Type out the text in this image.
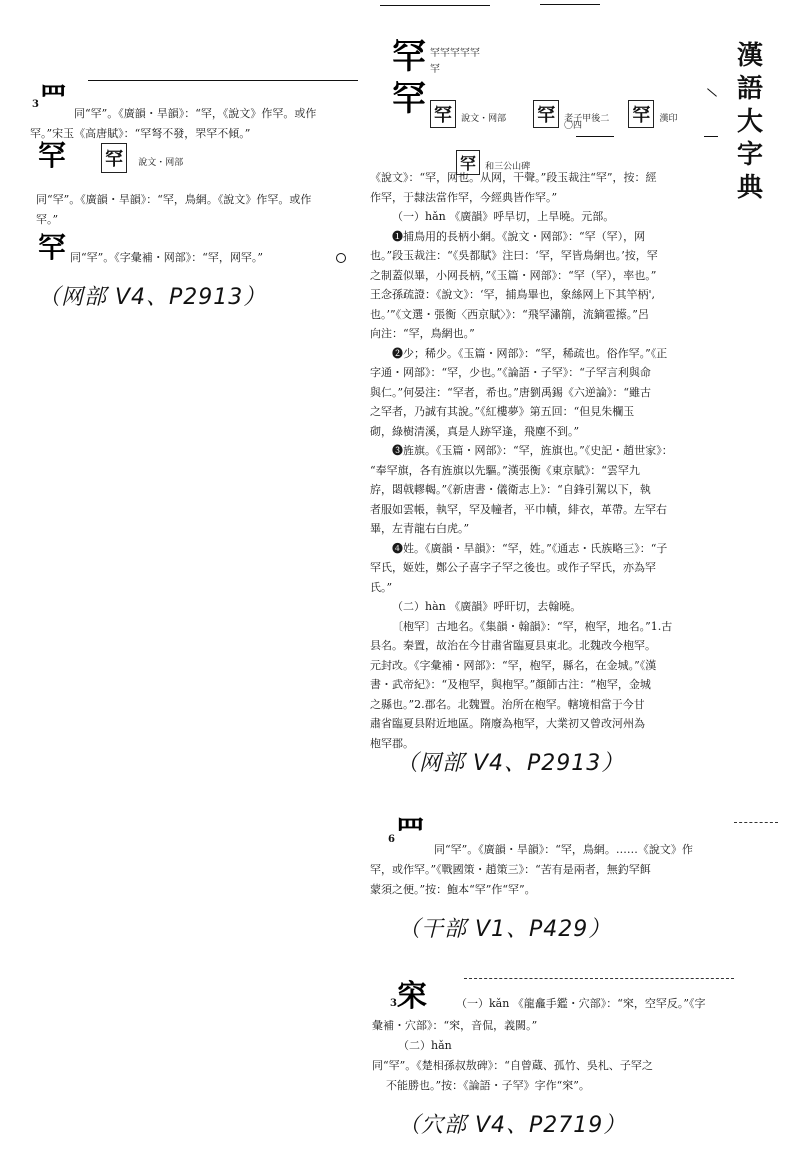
漢
語
大
字
典
3罒 同“罕”。《廣韻・旱韻》：“罕，《說文》作罕。或作

罕。”宋玉《高唐賦》：“罕弩不發，罘罕不傾。”

罕 罕 說文・网部

同“罕”。《廣韻・旱韻》：“罕，鳥網。《說文》作罕。或作

罕。”

罕 同“罕”。《字彙補・网部》：“罕，网罕。”

（网部 V4、P2913）
罕 罕罕罕罕罕
罕
罕 罕 說文・网部 罕 老子甲後二 罕 漢印
〇四
罕 和三公山碑

《說文》：“罕，网也。从网，干聲。”段玉裁注“罕”，按：經

作罕，于隸法當作罕，今經典皆作罕。”

（一）hǎn 《廣韻》呼旱切，上旱曉。元部。

❶捕鳥用的長柄小網。《說文・网部》：“罕（罕），网

也。”段玉裁注：“《吳都賦》注曰：‘罕，罕皆鳥網也。’按，罕

之制蓋似畢，小网長柄，”《玉篇・网部》：“罕（罕），率也。”

王念孫疏證：《說文》：‘罕，捕鳥畢也，象絲网上下其竿柄',

也。’”《文選・張衡〈西京賦〉》：“飛罕潚箾，流鏑雹攃。”呂

向注：“罕，鳥網也。”

❷少；稀少。《玉篇・网部》：“罕，稀疏也。俗作罕。”《正

字通・网部》：“罕，少也。”《論語・子罕》：“子罕言利與命

與仁。”何晏注：“罕者，希也。”唐劉禹錫《六逆論》：“雖古

之罕者，乃誠有其說。”《紅樓夢》第五回：“但見朱欄玉

砌，綠樹清溪，真是人跡罕逢，飛塵不到。”

❸旌旗。《玉篇・网部》：“罕，旌旗也。”《史記・趙世家》：

“奉罕旗，各有旌旗以先驅。”漢張衡《東京賦》：“雲罕九

斿，閟戟轇輵。”《新唐書・儀衛志上》：“自鋒引駕以下，執

者服如雲帳，執罕，罕及幢者，平巾幘，緋衣，革帶。左罕右

畢，左青龍右白虎。”

❹姓。《廣韻・旱韻》：“罕，姓。”《通志・氏族略三》：“子

罕氏，姬姓，鄭公子喜字子罕之後也。或作子罕氏，亦為罕

氏。”

（二）hàn 《廣韻》呼旰切，去翰曉。

〔枹罕〕古地名。《集韻・翰韻》：“罕，枹罕，地名。”1.古

县名。秦置，故治在今甘肅省臨夏县東北。北魏改今枹罕。

元封改。《字彙補・网部》：“罕，枹罕，縣名，在金城。”《漢

書・武帝紀》：“及枹罕，與枹罕。”顏師古注：“枹罕，金城

之縣也。”2.郡名。北魏置。治所在枹罕。轄境相當于今甘

肅省臨夏县附近地區。隋廢為枹罕，大業初又曾改河州為

枹罕郡。

（网部 V4、P2913）
6罒 同“罕”。《廣韻・旱韻》：“罕，鳥網。……《說文》作

罕，或作罕。”《戰國策・趙策三》：“苦有是兩者，無釣罕餌

蒙須之便。”按：鮑本“罕”作“罕”。

（干部 V1、P429）
3穼	（一）kǎn 《龍龕手鑑・穴部》：“穼，空罕反。”《字

彙補・穴部》：“穼，音侃，義闕。”

（二）hǎn

同“罕”。《楚相孫叔敖碑》：“自曾蔵、孤竹、吳札、子罕之

不能勝也。”按：《論語・子罕》字作“穼”。

（穴部 V4、P2719）
